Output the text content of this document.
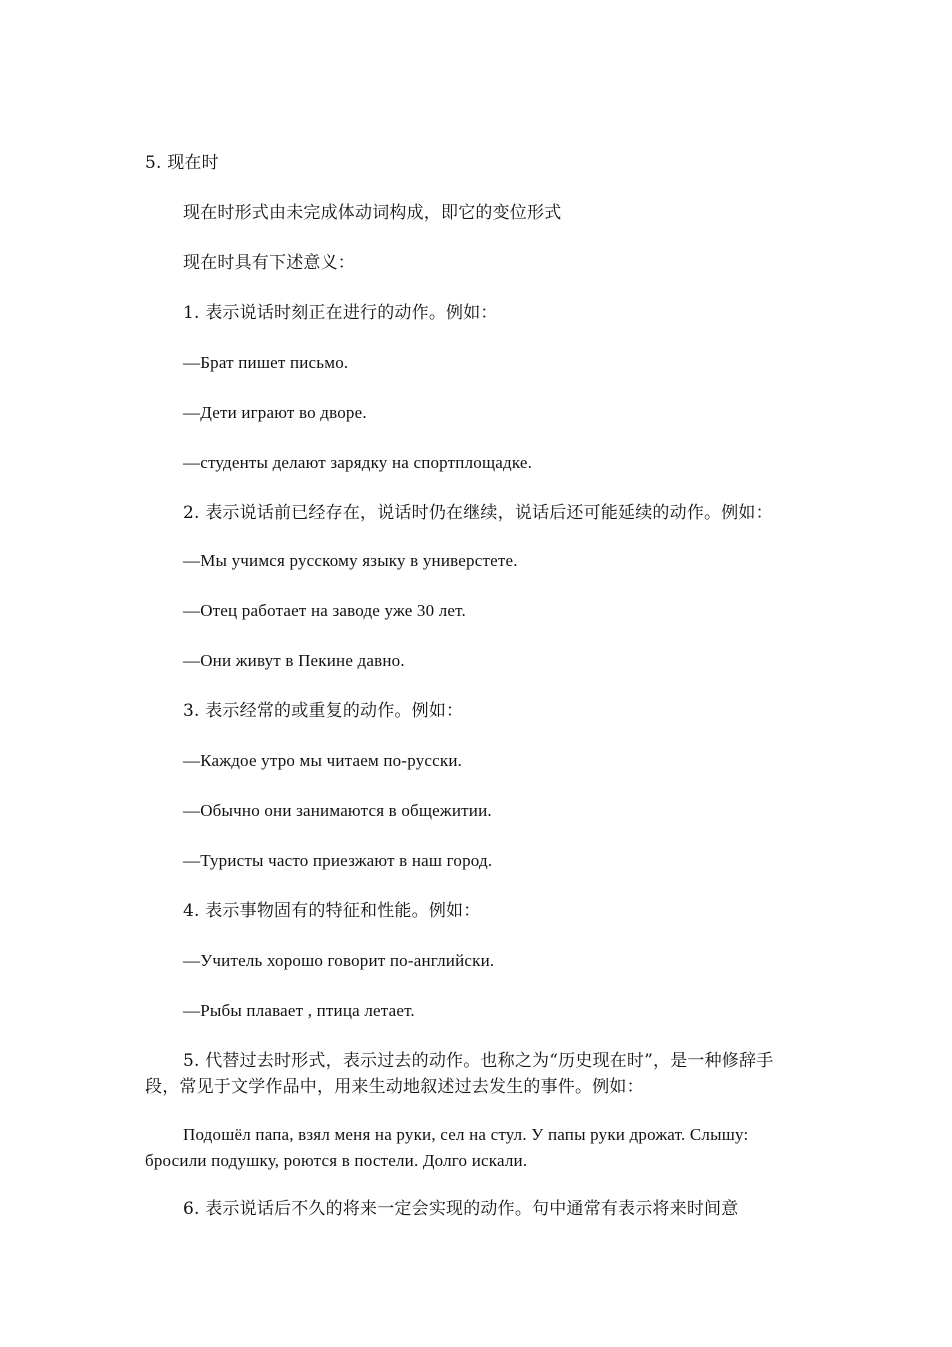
5. 现在时

现在时形式由未完成体动词构成，即它的变位形式

现在时具有下述意义：

1. 表示说话时刻正在进行的动作。例如：

—Брат пишет письмо.

—Дети играют во дворе.

—студенты делают зарядку на спортплощадке.

2. 表示说话前已经存在，说话时仍在继续，说话后还可能延续的动作。例如：

—Мы учимся русскому языку в универстете.

—Отец работает на заводе уже 30 лет.

—Они живут в Пекине давно.

3. 表示经常的或重复的动作。例如：

—Каждое утро мы читаем по-русски.

—Обычно они занимаются в общежитии.

—Туристы часто приезжают в наш город.

4. 表示事物固有的特征和性能。例如：

—Учитель хорошо говорит по-английски.

—Рыбы плавает , птица летает.

5. 代替过去时形式，表示过去的动作。也称之为“历史现在时”，是一种修辞手段，常见于文学作品中，用来生动地叙述过去发生的事件。例如：

Подошёл папа, взял меня на руки, сел на стул. У папы руки дрожат. Слышу: бросили подушку, роются в постели. Долго искали.

6. 表示说话后不久的将来一定会实现的动作。句中通常有表示将来时间意
